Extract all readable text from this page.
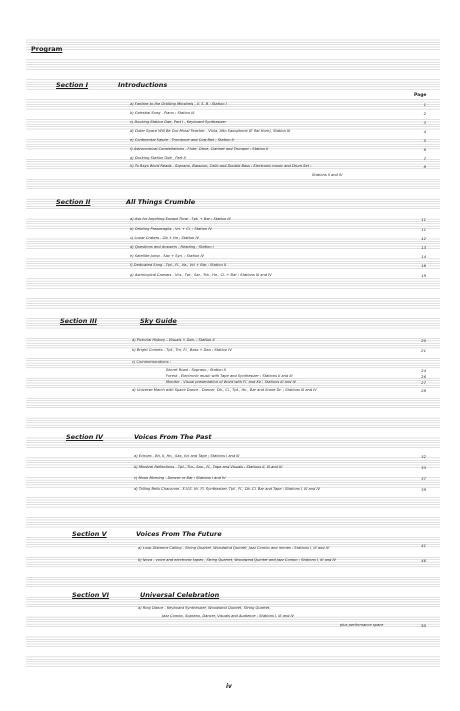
Program
Page
Section I	Introductions
a) Fanfare to the Orbiting Minstrels - V. S. B : Station I	1
b) Celestial Song - Piano ; Station III	2
c) Docking Station Ode, Part I - Keyboard Synthesizer	3
d) Outer Space Will Be Our Moral Teacher - Viola, Alto Saxophone (E flat Horn), Station III	4
e) Continental Salute - Trombone and Cow Bell ; Station II	5
f) Astronomical Constellations - Flute, Oboe, Clarinet and Trumpet ; Station II	6
g) Docking Station Ode , Part II	7
h) To Rays Word Reads - Soprano, Bassoon, Cello and Double Bass ; Electronic music and Drum Set ;	8
Stations II and IV
Section II	All Things Crumble
a) Ask for Anything Except Time - Tpt. + Bar ; Station III	11
b) Orbiting Passacaglia - Vn. + Cl. ; Station IV	11
c) Lunar Craters - Ob + Hn ; Station IV	12
d) Questions and Answers - Reading ; Station I	13
e) Satellite Jump - Sax + Syn. ; Station IV	14
f) Dedicated Song - Tpt., Fl., Va., Vcl + Bar ; Station II	16
g) Astrological Caesars - Vcs., Tpt., Sar., Trb., Hn., Cl. + Bar ; Stations III and IV	19
Section III	Sky Guide
a) Pictorial History - Visuals + Dan. ; Station II	20
b) Bright Comets - Tpt., Trn, Fl., Bass + Dan ; Station IV	21
c) Commemorations :
Secret Road - Soprano ; Station II	24
Forest - Electronic music with Tape and Synthesizer ; Stations II and III	26
Monitor - Visual presentation of Word with Fl. and Kb ; Stations III and IV	27
d) Universe March with Space Dance - Dancer, Ob., Cl., Tpt., Hn., Bar and Snare Dr. ; Stations III and IV	28
Section IV	Voices From The Past
a) Echoes - Bn. II, Hn., Sax, Vcl and Tape ; Stations I and III	32
b) Minstrel Reflections - Tpt., Trn., Sax., Fl., Tape and Visuals ; Stations II, III and IV	33
c) Moon Morning - Dancer or Bar ; Stations I and IV	37
d) Tolling Bells Chaconne - E.V.S. Vc. Fl. Synthesizer, Tpt., Fl., Ob. Cl. Bar and Tape ; Stations I, III and IV	39
Section V	Voices From The Future
a) Loop Distance Calling - String Quartet, Woodwind Quintet, Jazz Combo and mimes ; Stations I, III and IV	41
b) Nova - voice and electronic tapes , String Quartet, Woodwind Quintet and Jazz Combo ; Stations I, III and IV	46
Section VI	Universal Celebration
a) Ring Dance - Keyboard Synthesizer, Woodwind Quintet, String Quartet,
Jazz Combo, Soprano, Dancer, Visuals and Audience ; Stations I, III and IV
plus performance space	50
iv
